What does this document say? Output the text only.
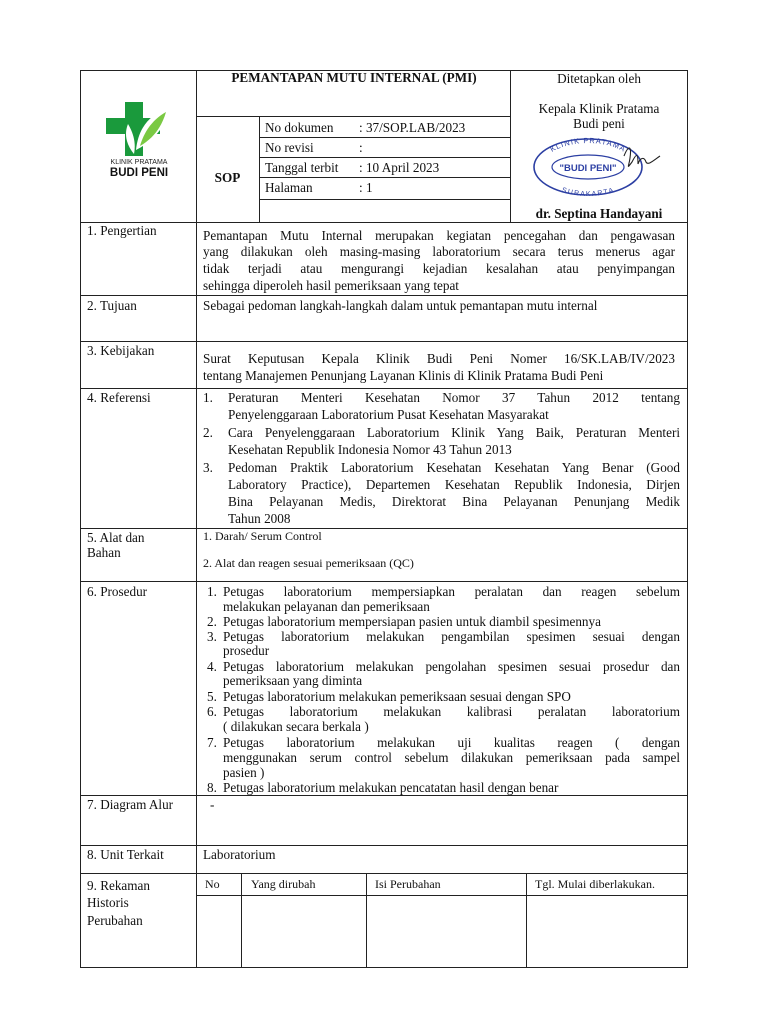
KLINIK PRATAMA
BUDI PENI
PEMANTAPAN MUTU INTERNAL (PMI)
SOP
No dokumen : 37/SOP.LAB/2023
No revisi	:
Tanggal terbit : 10 April 2023
Halaman	: 1
Ditetapkan oleh
Kepala Klinik Pratama
Budi peni
KLINIK PRATAMA
"BUDI PENI"
SURAKARTA
dr. Septina Handayani
1. Pengertian	Pemantapan Mutu Internal merupakan kegiatan pencegahan dan pengawasan
yang dilakukan oleh masing-masing laboratorium secara terus menerus agar
tidak terjadi atau mengurangi kejadian kesalahan atau penyimpangan
sehingga diperoleh hasil pemeriksaan yang tepat
2. Tujuan	Sebagai pedoman langkah-langkah dalam untuk pemantapan mutu internal
3. Kebijakan
Surat Keputusan Kepala Klinik Budi Peni Nomer 16/SK.LAB/IV/2023
tentang Manajemen Penunjang Layanan Klinis di Klinik Pratama Budi Peni
4. Referensi	1. Peraturan Menteri Kesehatan Nomor 37 Tahun 2012 tentang
Penyelenggaraan Laboratorium Pusat Kesehatan Masyarakat
2. Cara Penyelenggaraan Laboratorium Klinik Yang Baik, Peraturan Menteri
Kesehatan Republik Indonesia Nomor 43 Tahun 2013
3. Pedoman Praktik Laboratorium Kesehatan Kesehatan Yang Benar (Good
Laboratory Practice), Departemen Kesehatan Republik Indonesia, Dirjen
Bina Pelayanan Medis, Direktorat Bina Pelayanan Penunjang Medik
Tahun 2008
5. Alat dan
Bahan
1. Darah/ Serum Control
2. Alat dan reagen sesuai pemeriksaan (QC)
6. Prosedur	1. Petugas laboratorium mempersiapkan peralatan dan reagen sebelum
melakukan pelayanan dan pemeriksaan
2. Petugas laboratorium mempersiapan pasien untuk diambil spesimennya
3. Petugas laboratorium melakukan pengambilan spesimen sesuai dengan
prosedur
4. Petugas laboratorium melakukan pengolahan spesimen sesuai prosedur dan
pemeriksaan yang diminta
5. Petugas laboratorium melakukan pemeriksaan sesuai dengan SPO
6. Petugas laboratorium melakukan kalibrasi peralatan laboratorium
( dilakukan secara berkala )
7. Petugas laboratorium melakukan uji kualitas reagen ( dengan
menggunakan serum control sebelum dilakukan pemeriksaan pada sampel
pasien )
8. Petugas laboratorium melakukan pencatatan hasil dengan benar
7. Diagram Alur	-
8. Unit Terkait	Laboratorium
9. Rekaman
Historis
Perubahan
No	Yang dirubah	Isi Perubahan	Tgl. Mulai diberlakukan.
